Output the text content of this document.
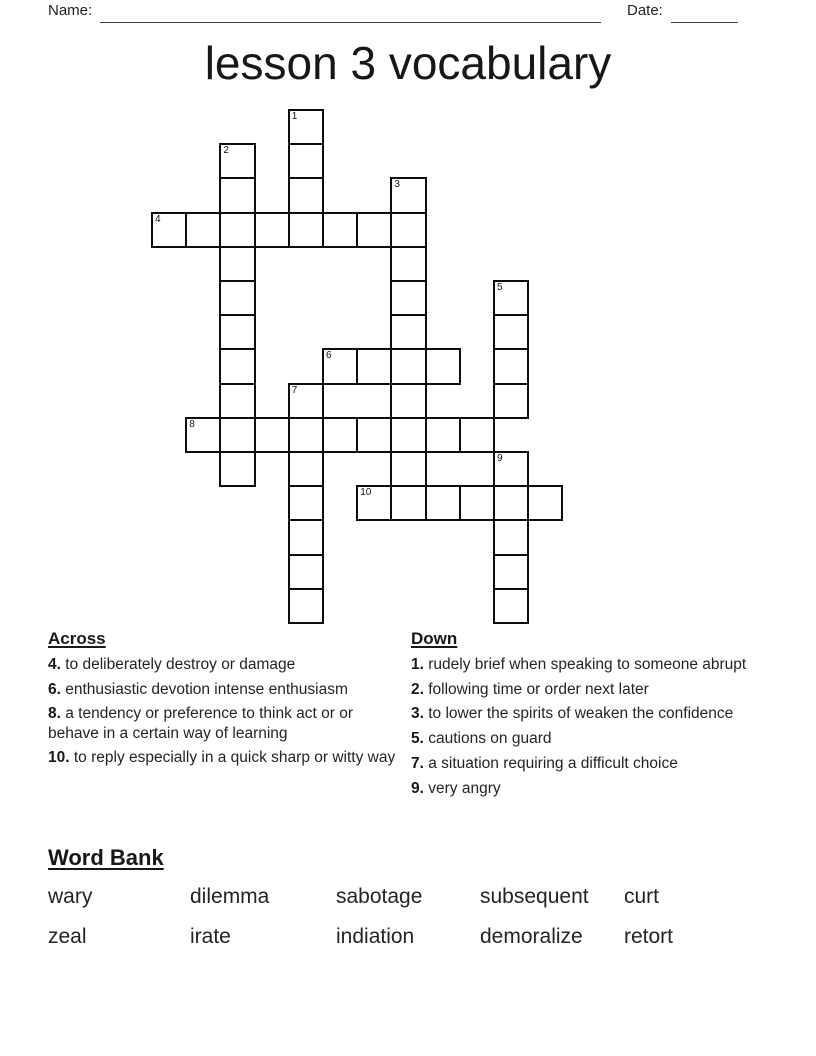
Name:	Date:
lesson 3 vocabulary
1
2
3
4
5
6
7
8
9
10
Across
4. to deliberately destroy or damage
6. enthusiastic devotion intense enthusiasm
8. a tendency or preference to think act or or behave in a certain way of learning
10. to reply especially in a quick sharp or witty way
Down
1. rudely brief when speaking to someone abrupt
2. following time or order next later
3. to lower the spirits of weaken the confidence
5. cautions on guard
7. a situation requiring a difficult choice
9. very angry
Word Bank
wary	dilemma	sabotage	subsequent	curt
zeal	irate	indiation	demoralize	retort
